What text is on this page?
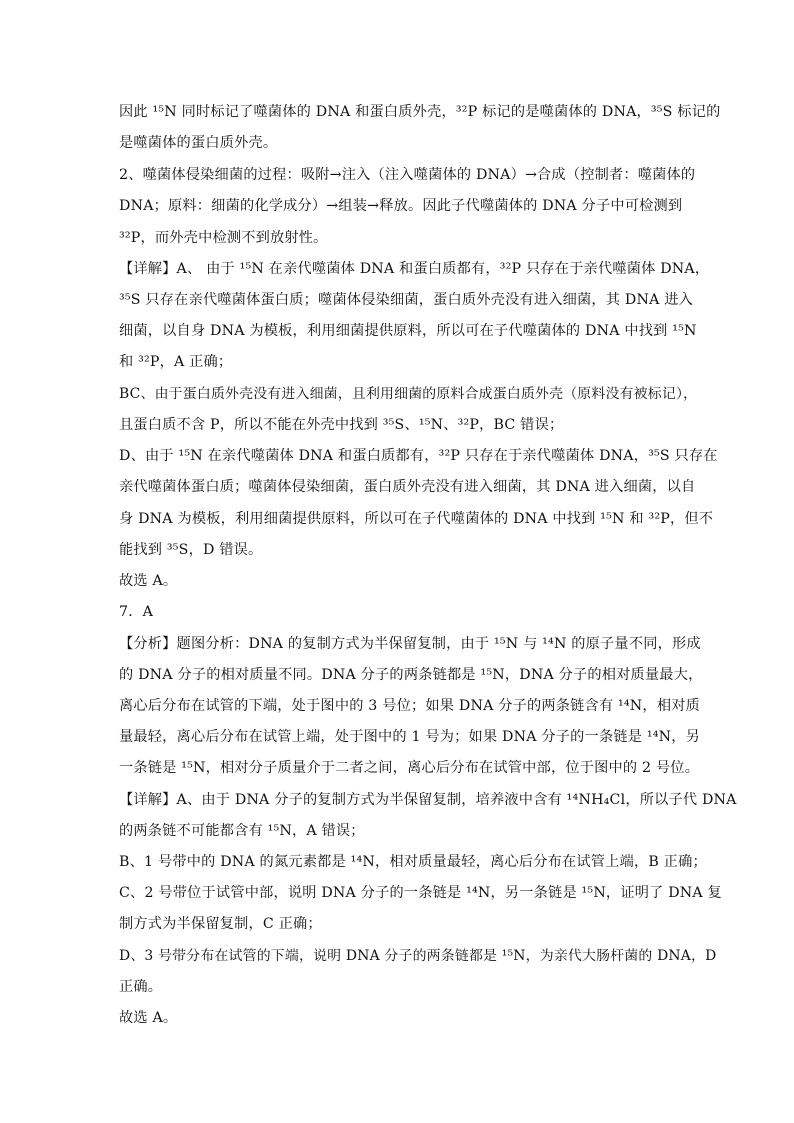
因此 ¹⁵N 同时标记了噬菌体的 DNA 和蛋白质外壳，³²P 标记的是噬菌体的 DNA，³⁵S 标记的
是噬菌体的蛋白质外壳。
2、噬菌体侵染细菌的过程：吸附→注入（注入噬菌体的 DNA）→合成（控制者：噬菌体的
DNA；原料：细菌的化学成分）→组装→释放。因此子代噬菌体的 DNA 分子中可检测到
³²P，而外壳中检测不到放射性。
【详解】A、 由于 ¹⁵N 在亲代噬菌体 DNA 和蛋白质都有，³²P 只存在于亲代噬菌体 DNA，
³⁵S 只存在亲代噬菌体蛋白质；噬菌体侵染细菌，蛋白质外壳没有进入细菌，其 DNA 进入
细菌，以自身 DNA 为模板，利用细菌提供原料，所以可在子代噬菌体的 DNA 中找到 ¹⁵N
和 ³²P，A 正确；
BC、由于蛋白质外壳没有进入细菌，且利用细菌的原料合成蛋白质外壳（原料没有被标记），
且蛋白质不含 P，所以不能在外壳中找到 ³⁵S、¹⁵N、³²P，BC 错误；
D、由于 ¹⁵N 在亲代噬菌体 DNA 和蛋白质都有，³²P 只存在于亲代噬菌体 DNA，³⁵S 只存在
亲代噬菌体蛋白质；噬菌体侵染细菌，蛋白质外壳没有进入细菌，其 DNA 进入细菌，以自
身 DNA 为模板，利用细菌提供原料，所以可在子代噬菌体的 DNA 中找到 ¹⁵N 和 ³²P，但不
能找到 ³⁵S，D 错误。
故选 A。
7．A
【分析】题图分析：DNA 的复制方式为半保留复制，由于 ¹⁵N 与 ¹⁴N 的原子量不同，形成
的 DNA 分子的相对质量不同。DNA 分子的两条链都是 ¹⁵N，DNA 分子的相对质量最大，
离心后分布在试管的下端，处于图中的 3 号位；如果 DNA 分子的两条链含有 ¹⁴N，相对质
量最轻，离心后分布在试管上端，处于图中的 1 号为；如果 DNA 分子的一条链是 ¹⁴N，另
一条链是 ¹⁵N，相对分子质量介于二者之间，离心后分布在试管中部，位于图中的 2 号位。
【详解】A、由于 DNA 分子的复制方式为半保留复制，培养液中含有 ¹⁴NH₄Cl，所以子代 DNA
的两条链不可能都含有 ¹⁵N，A 错误；
B、1 号带中的 DNA 的氮元素都是 ¹⁴N，相对质量最轻，离心后分布在试管上端，B 正确；
C、2 号带位于试管中部，说明 DNA 分子的一条链是 ¹⁴N，另一条链是 ¹⁵N，证明了 DNA 复
制方式为半保留复制，C 正确；
D、3 号带分布在试管的下端，说明 DNA 分子的两条链都是 ¹⁵N，为亲代大肠杆菌的 DNA，D
正确。
故选 A。
